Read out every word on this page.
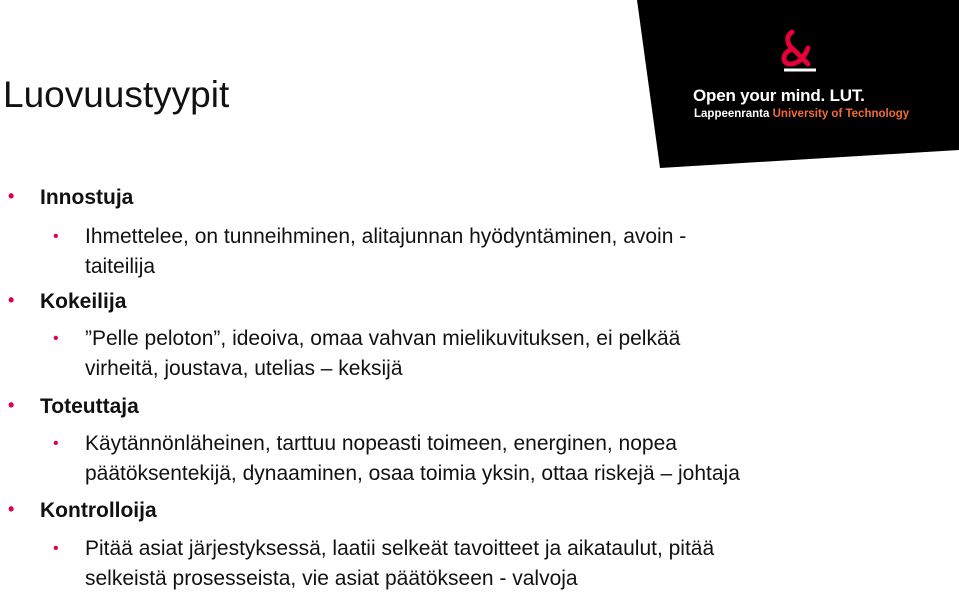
Open your mind. LUT.
Lappeenranta University of Technology
Luovuustyypit
• Innostuja
• Ihmettelee, on tunneihminen, alitajunnan hyödyntäminen, avoin -
taiteilija
• Kokeilija
• ”Pelle peloton”, ideoiva, omaa vahvan mielikuvituksen, ei pelkää
virheitä, joustava, utelias – keksijä
• Toteuttaja
• Käytännönläheinen, tarttuu nopeasti toimeen, energinen, nopea
päätöksentekijä, dynaaminen, osaa toimia yksin, ottaa riskejä – johtaja
• Kontrolloija
• Pitää asiat järjestyksessä, laatii selkeät tavoitteet ja aikataulut, pitää
selkeistä prosesseista, vie asiat päätökseen - valvoja
